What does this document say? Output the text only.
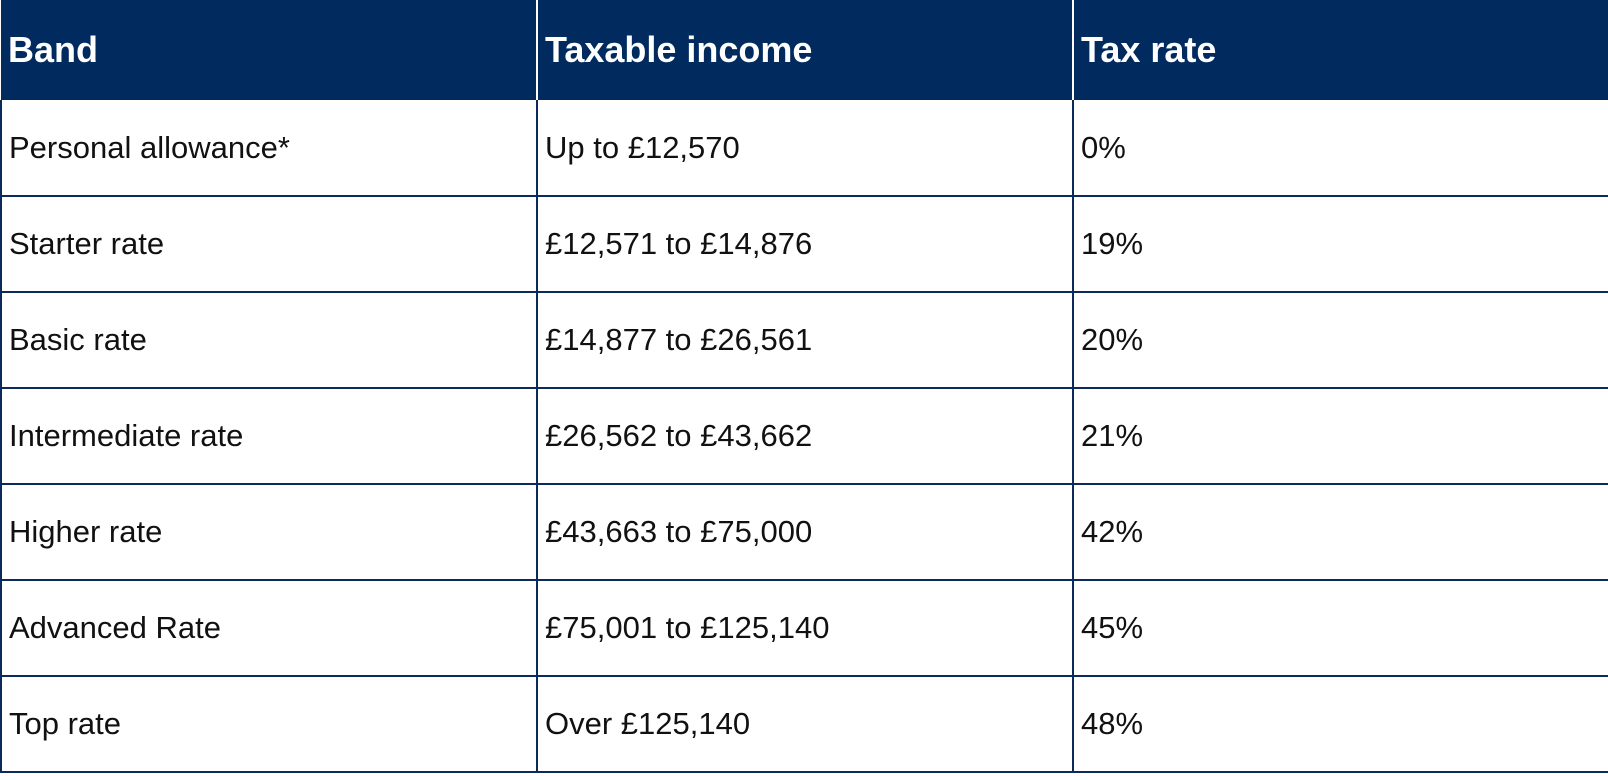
Band	Taxable income	Tax rate
Personal allowance*	Up to £12,570	0%
Starter rate	£12,571 to £14,876	19%
Basic rate	£14,877 to £26,561	20%
Intermediate rate	£26,562 to £43,662	21%
Higher rate	£43,663 to £75,000	42%
Advanced Rate	£75,001 to £125,140	45%
Top rate	Over £125,140	48%
